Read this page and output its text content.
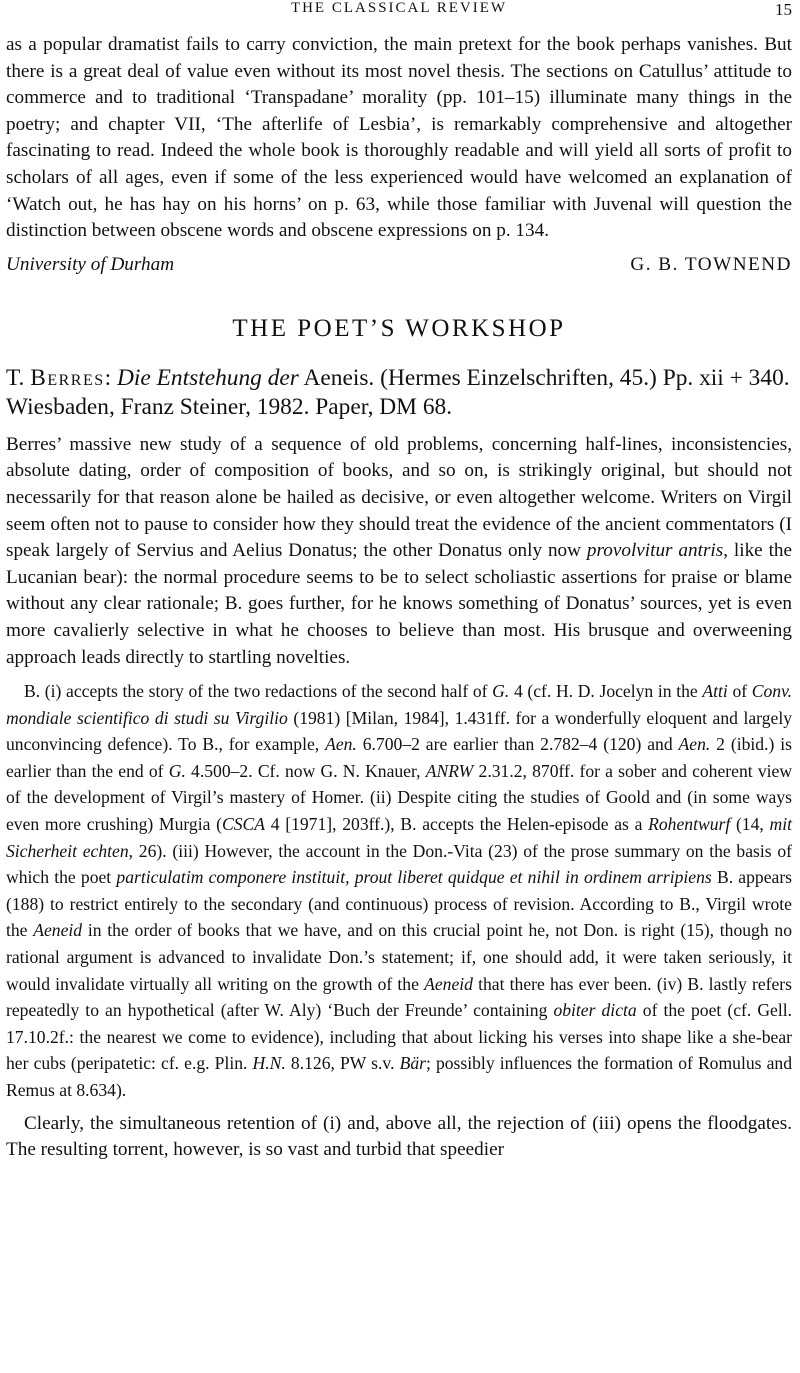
THE CLASSICAL REVIEW	15

as a popular dramatist fails to carry conviction, the main pretext for the book perhaps vanishes. But there is a great deal of value even without its most novel thesis. The sections on Catullus’ attitude to commerce and to traditional ‘Transpadane’ morality (pp. 101–15) illuminate many things in the poetry; and chapter VII, ‘The afterlife of Lesbia’, is remarkably comprehensive and altogether fascinating to read. Indeed the whole book is thoroughly readable and will yield all sorts of profit to scholars of all ages, even if some of the less experienced would have welcomed an explanation of ‘Watch out, he has hay on his horns’ on p. 63, while those familiar with Juvenal will question the distinction between obscene words and obscene expressions on p. 134.

University of Durham	G. B. TOWNEND
THE POET’S WORKSHOP

T. Berres: Die Entstehung der Aeneis. (Hermes Einzelschriften, 45.) Pp. xii + 340. Wiesbaden, Franz Steiner, 1982. Paper, DM 68.

Berres’ massive new study of a sequence of old problems, concerning half-lines, inconsistencies, absolute dating, order of composition of books, and so on, is strikingly original, but should not necessarily for that reason alone be hailed as decisive, or even altogether welcome. Writers on Virgil seem often not to pause to consider how they should treat the evidence of the ancient commentators (I speak largely of Servius and Aelius Donatus; the other Donatus only now provolvitur antris, like the Lucanian bear): the normal procedure seems to be to select scholiastic assertions for praise or blame without any clear rationale; B. goes further, for he knows something of Donatus’ sources, yet is even more cavalierly selective in what he chooses to believe than most. His brusque and overweening approach leads directly to startling novelties.

B. (i) accepts the story of the two redactions of the second half of G. 4 (cf. H. D. Jocelyn in the Atti of Conv. mondiale scientifico di studi su Virgilio (1981) [Milan, 1984], 1.431ff. for a wonderfully eloquent and largely unconvincing defence). To B., for example, Aen. 6.700–2 are earlier than 2.782–4 (120) and Aen. 2 (ibid.) is earlier than the end of G. 4.500–2. Cf. now G. N. Knauer, ANRW 2.31.2, 870ff. for a sober and coherent view of the development of Virgil’s mastery of Homer. (ii) Despite citing the studies of Goold and (in some ways even more crushing) Murgia (CSCA 4 [1971], 203ff.), B. accepts the Helen-episode as a Rohentwurf (14, mit Sicherheit echten, 26). (iii) However, the account in the Don.-Vita (23) of the prose summary on the basis of which the poet particulatim componere instituit, prout liberet quidque et nihil in ordinem arripiens B. appears (188) to restrict entirely to the secondary (and continuous) process of revision. According to B., Virgil wrote the Aeneid in the order of books that we have, and on this crucial point he, not Don. is right (15), though no rational argument is advanced to invalidate Don.’s statement; if, one should add, it were taken seriously, it would invalidate virtually all writing on the growth of the Aeneid that there has ever been. (iv) B. lastly refers repeatedly to an hypothetical (after W. Aly) ‘Buch der Freunde’ containing obiter dicta of the poet (cf. Gell. 17.10.2f.: the nearest we come to evidence), including that about licking his verses into shape like a she-bear her cubs (peripatetic: cf. e.g. Plin. H.N. 8.126, PW s.v. Bär; possibly influences the formation of Romulus and Remus at 8.634).

Clearly, the simultaneous retention of (i) and, above all, the rejection of (iii) opens the floodgates. The resulting torrent, however, is so vast and turbid that speedier
